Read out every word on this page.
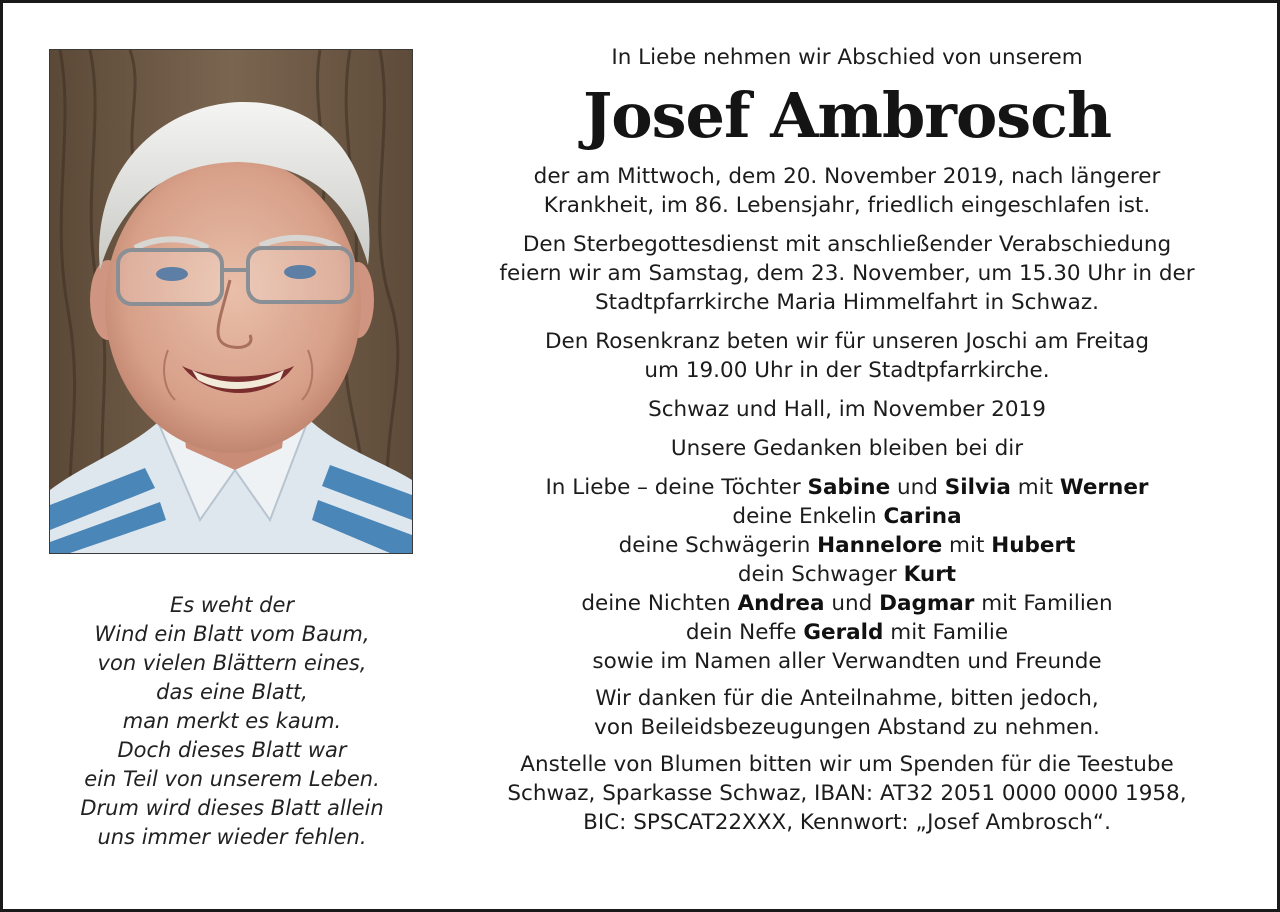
Es weht der
Wind ein Blatt vom Baum,
von vielen Blättern eines,
das eine Blatt,
man merkt es kaum.
Doch dieses Blatt war
ein Teil von unserem Leben.
Drum wird dieses Blatt allein
uns immer wieder fehlen.
In Liebe nehmen wir Abschied von unserem
Josef Ambrosch
der am Mittwoch, dem 20. November 2019, nach längerer
Krankheit, im 86. Lebensjahr, friedlich eingeschlafen ist.
Den Sterbegottesdienst mit anschließender Verabschiedung
feiern wir am Samstag, dem 23. November, um 15.30 Uhr in der
Stadtpfarrkirche Maria Himmelfahrt in Schwaz.
Den Rosenkranz beten wir für unseren Joschi am Freitag
um 19.00 Uhr in der Stadtpfarrkirche.
Schwaz und Hall, im November 2019
Unsere Gedanken bleiben bei dir
In Liebe – deine Töchter Sabine und Silvia mit Werner
deine Enkelin Carina
deine Schwägerin Hannelore mit Hubert
dein Schwager Kurt
deine Nichten Andrea und Dagmar mit Familien
dein Neffe Gerald mit Familie
sowie im Namen aller Verwandten und Freunde
Wir danken für die Anteilnahme, bitten jedoch,
von Beileidsbezeugungen Abstand zu nehmen.
Anstelle von Blumen bitten wir um Spenden für die Teestube
Schwaz, Sparkasse Schwaz, IBAN: AT32 2051 0000 0000 1958,
BIC: SPSCAT22XXX, Kennwort: „Josef Ambrosch“.
